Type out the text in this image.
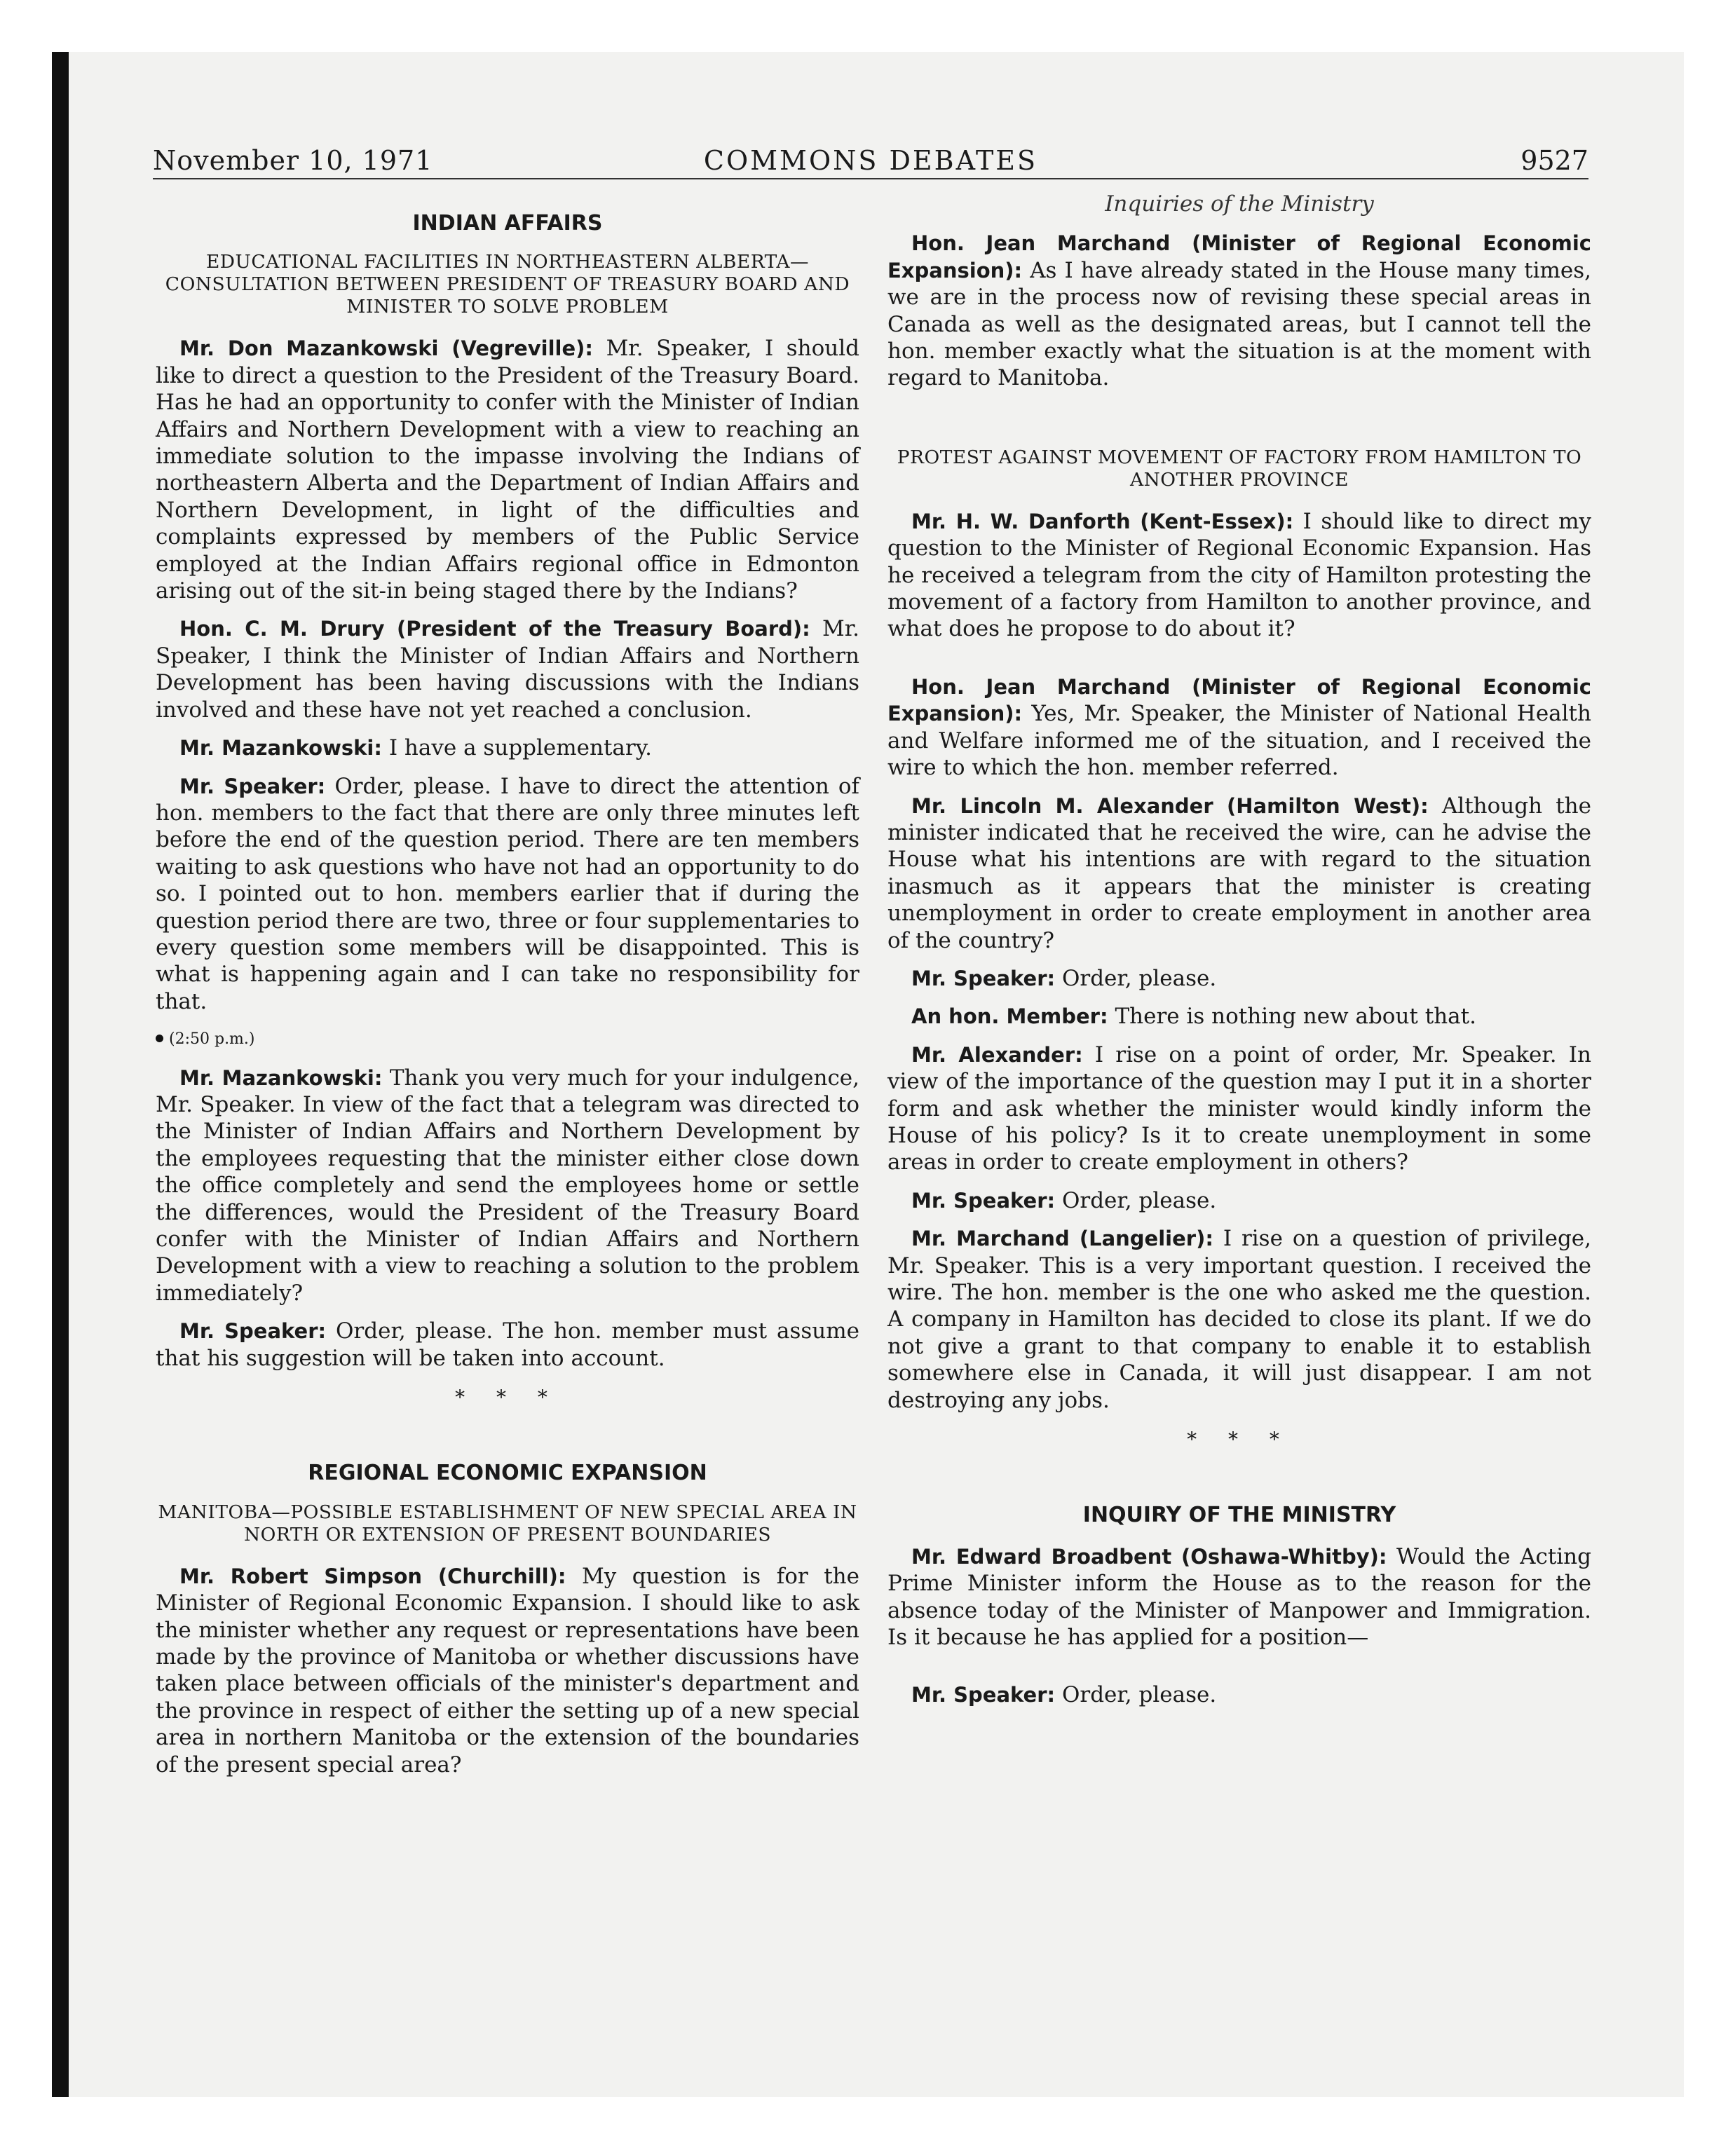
November 10, 1971	COMMONS DEBATES	9527
INDIAN AFFAIRS
EDUCATIONAL FACILITIES IN NORTHEASTERN ALBERTA—CONSULTATION BETWEEN PRESIDENT OF TREASURY BOARD AND MINISTER TO SOLVE PROBLEM

Mr. Don Mazankowski (Vegreville): Mr. Speaker, I should like to direct a question to the President of the Treasury Board. Has he had an opportunity to confer with the Minister of Indian Affairs and Northern Development with a view to reaching an immediate solution to the impasse involving the Indians of northeastern Alberta and the Department of Indian Affairs and Northern Development, in light of the difficulties and complaints expressed by members of the Public Service employed at the Indian Affairs regional office in Edmonton arising out of the sit-in being staged there by the Indians?

Hon. C. M. Drury (President of the Treasury Board): Mr. Speaker, I think the Minister of Indian Affairs and Northern Development has been having discussions with the Indians involved and these have not yet reached a conclusion.

Mr. Mazankowski: I have a supplementary.

Mr. Speaker: Order, please. I have to direct the attention of hon. members to the fact that there are only three minutes left before the end of the question period. There are ten members waiting to ask questions who have not had an opportunity to do so. I pointed out to hon. members earlier that if during the question period there are two, three or four supplementaries to every question some members will be disappointed. This is what is happening again and I can take no responsibility for that.

(2:50 p.m.)

Mr. Mazankowski: Thank you very much for your indulgence, Mr. Speaker. In view of the fact that a telegram was directed to the Minister of Indian Affairs and Northern Development by the employees requesting that the minister either close down the office completely and send the employees home or settle the differences, would the President of the Treasury Board confer with the Minister of Indian Affairs and Northern Development with a view to reaching a solution to the problem immediately?

Mr. Speaker: Order, please. The hon. member must assume that his suggestion will be taken into account.

* * *
REGIONAL ECONOMIC EXPANSION
MANITOBA—POSSIBLE ESTABLISHMENT OF NEW SPECIAL AREA IN NORTH OR EXTENSION OF PRESENT BOUNDARIES

Mr. Robert Simpson (Churchill): My question is for the Minister of Regional Economic Expansion. I should like to ask the minister whether any request or representations have been made by the province of Manitoba or whether discussions have taken place between officials of the minister's department and the province in respect of either the setting up of a new special area in northern Manitoba or the extension of the boundaries of the present special area?

Inquiries of the Ministry

Hon. Jean Marchand (Minister of Regional Economic Expansion): As I have already stated in the House many times, we are in the process now of revising these special areas in Canada as well as the designated areas, but I cannot tell the hon. member exactly what the situation is at the moment with regard to Manitoba.

PROTEST AGAINST MOVEMENT OF FACTORY FROM HAMILTON TO ANOTHER PROVINCE

Mr. H. W. Danforth (Kent-Essex): I should like to direct my question to the Minister of Regional Economic Expansion. Has he received a telegram from the city of Hamilton protesting the movement of a factory from Hamilton to another province, and what does he propose to do about it?

Hon. Jean Marchand (Minister of Regional Economic Expansion): Yes, Mr. Speaker, the Minister of National Health and Welfare informed me of the situation, and I received the wire to which the hon. member referred.

Mr. Lincoln M. Alexander (Hamilton West): Although the minister indicated that he received the wire, can he advise the House what his intentions are with regard to the situation inasmuch as it appears that the minister is creating unemployment in order to create employment in another area of the country?

Mr. Speaker: Order, please.

An hon. Member: There is nothing new about that.

Mr. Alexander: I rise on a point of order, Mr. Speaker. In view of the importance of the question may I put it in a shorter form and ask whether the minister would kindly inform the House of his policy? Is it to create unemployment in some areas in order to create employment in others?

Mr. Speaker: Order, please.

Mr. Marchand (Langelier): I rise on a question of privilege, Mr. Speaker. This is a very important question. I received the wire. The hon. member is the one who asked me the question. A company in Hamilton has decided to close its plant. If we do not give a grant to that company to enable it to establish somewhere else in Canada, it will just disappear. I am not destroying any jobs.

* * *
INQUIRY OF THE MINISTRY

Mr. Edward Broadbent (Oshawa-Whitby): Would the Acting Prime Minister inform the House as to the reason for the absence today of the Minister of Manpower and Immigration. Is it because he has applied for a position—

Mr. Speaker: Order, please.
